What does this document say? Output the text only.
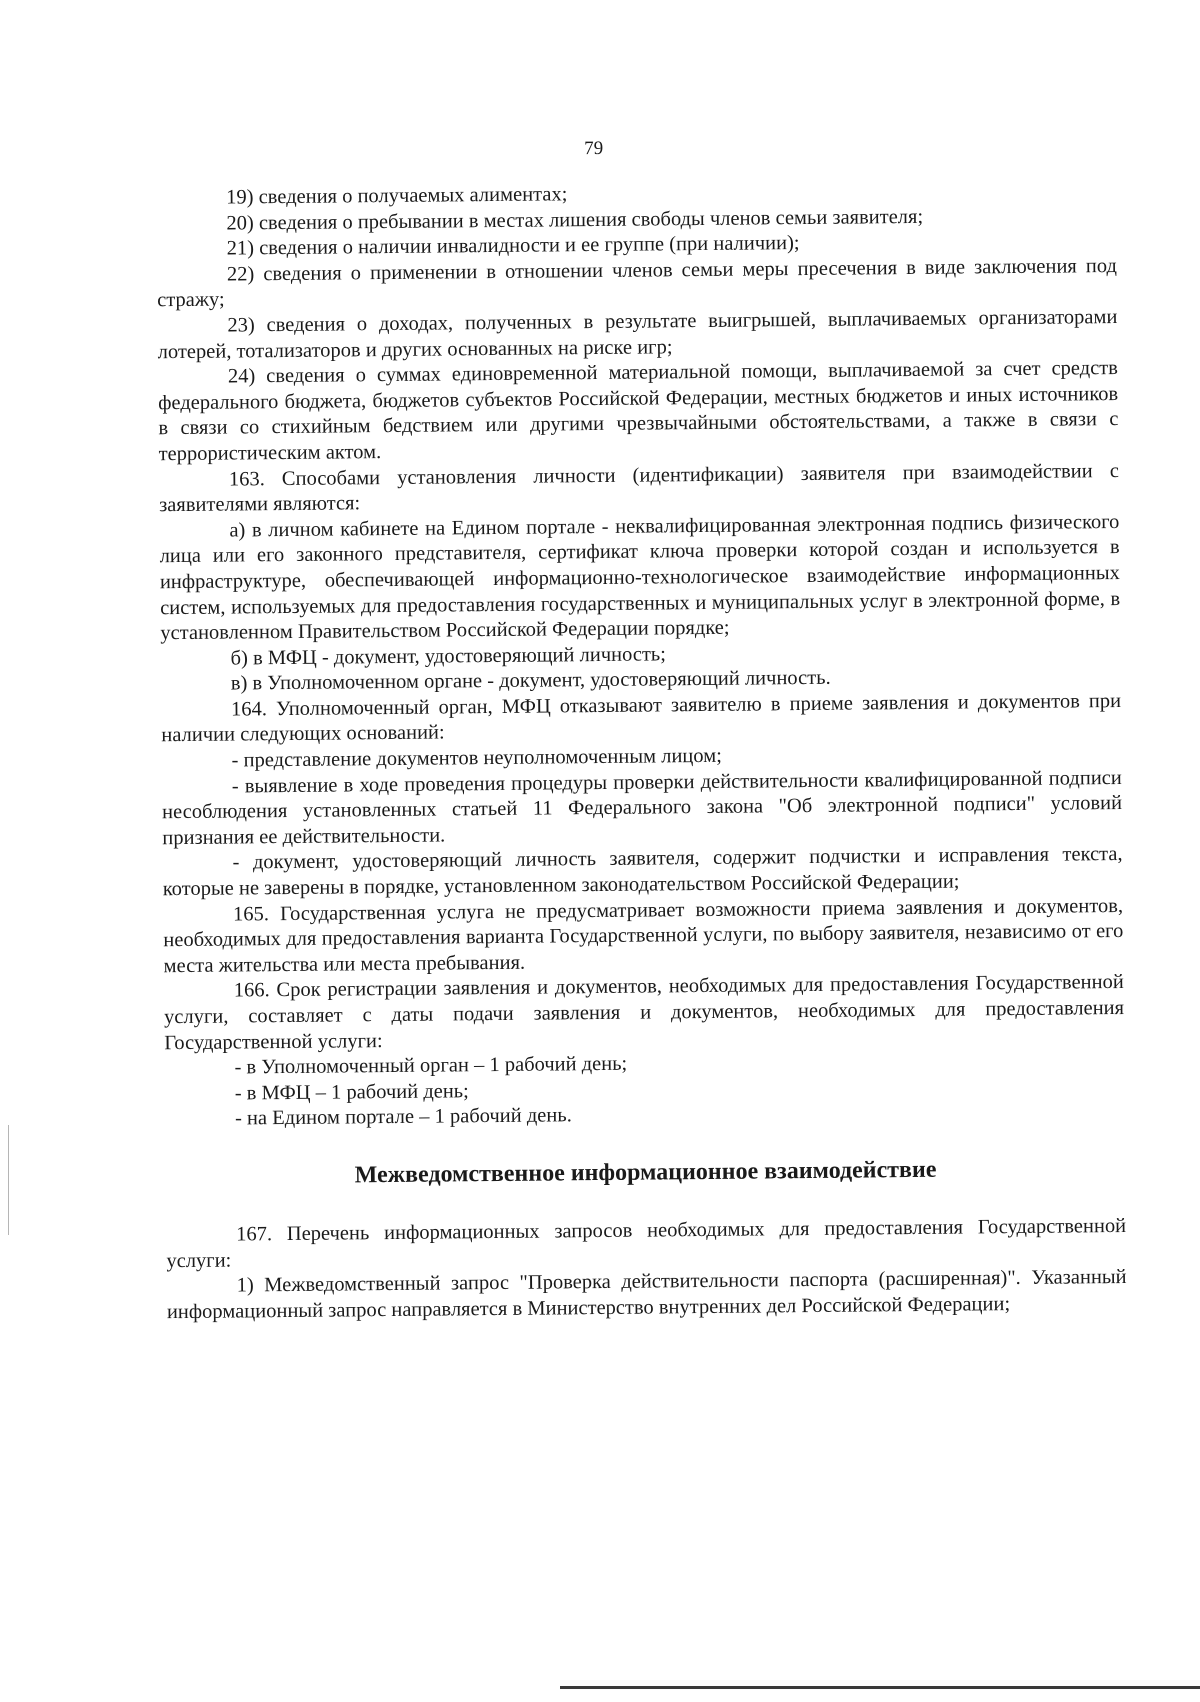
79

19) сведения о получаемых алиментах;

20) сведения о пребывании в местах лишения свободы членов семьи заявителя;

21) сведения о наличии инвалидности и ее группе (при наличии);

22) сведения о применении в отношении членов семьи меры пресечения в виде заключения под стражу;

23) сведения о доходах, полученных в результате выигрышей, выплачиваемых организаторами лотерей, тотализаторов и других основанных на риске игр;

24) сведения о суммах единовременной материальной помощи, выплачиваемой за счет средств федерального бюджета, бюджетов субъектов Российской Федерации, местных бюджетов и иных источников в связи со стихийным бедствием или другими чрезвычайными обстоятельствами, а также в связи с террористическим актом.

163. Способами установления личности (идентификации) заявителя при взаимодействии с заявителями являются:

а) в личном кабинете на Едином портале - неквалифицированная электронная подпись физического лица или его законного представителя, сертификат ключа проверки которой создан и используется в инфраструктуре, обеспечивающей информационно-технологическое взаимодействие информационных систем, используемых для предоставления государственных и муниципальных услуг в электронной форме, в установленном Правительством Российской Федерации порядке;

б) в МФЦ - документ, удостоверяющий личность;

в) в Уполномоченном органе - документ, удостоверяющий личность.

164. Уполномоченный орган, МФЦ отказывают заявителю в приеме заявления и документов при наличии следующих оснований:

- представление документов неуполномоченным лицом;

- выявление в ходе проведения процедуры проверки действительности квалифицированной подписи несоблюдения установленных статьей 11 Федерального закона "Об электронной подписи" условий признания ее действительности.

- документ, удостоверяющий личность заявителя, содержит подчистки и исправления текста, которые не заверены в порядке, установленном законодательством Российской Федерации;

165. Государственная услуга не предусматривает возможности приема заявления и документов, необходимых для предоставления варианта Государственной услуги, по выбору заявителя, независимо от его места жительства или места пребывания.

166. Срок регистрации заявления и документов, необходимых для предоставления Государственной услуги, составляет с даты подачи заявления и документов, необходимых для предоставления Государственной услуги:

- в Уполномоченный орган – 1 рабочий день;

- в МФЦ – 1 рабочий день;

- на Едином портале – 1 рабочий день.

Межведомственное информационное взаимодействие

167. Перечень информационных запросов необходимых для предоставления Государственной услуги:

1) Межведомственный запрос "Проверка действительности паспорта (расширенная)". Указанный информационный запрос направляется в Министерство внутренних дел Российской Федерации;
